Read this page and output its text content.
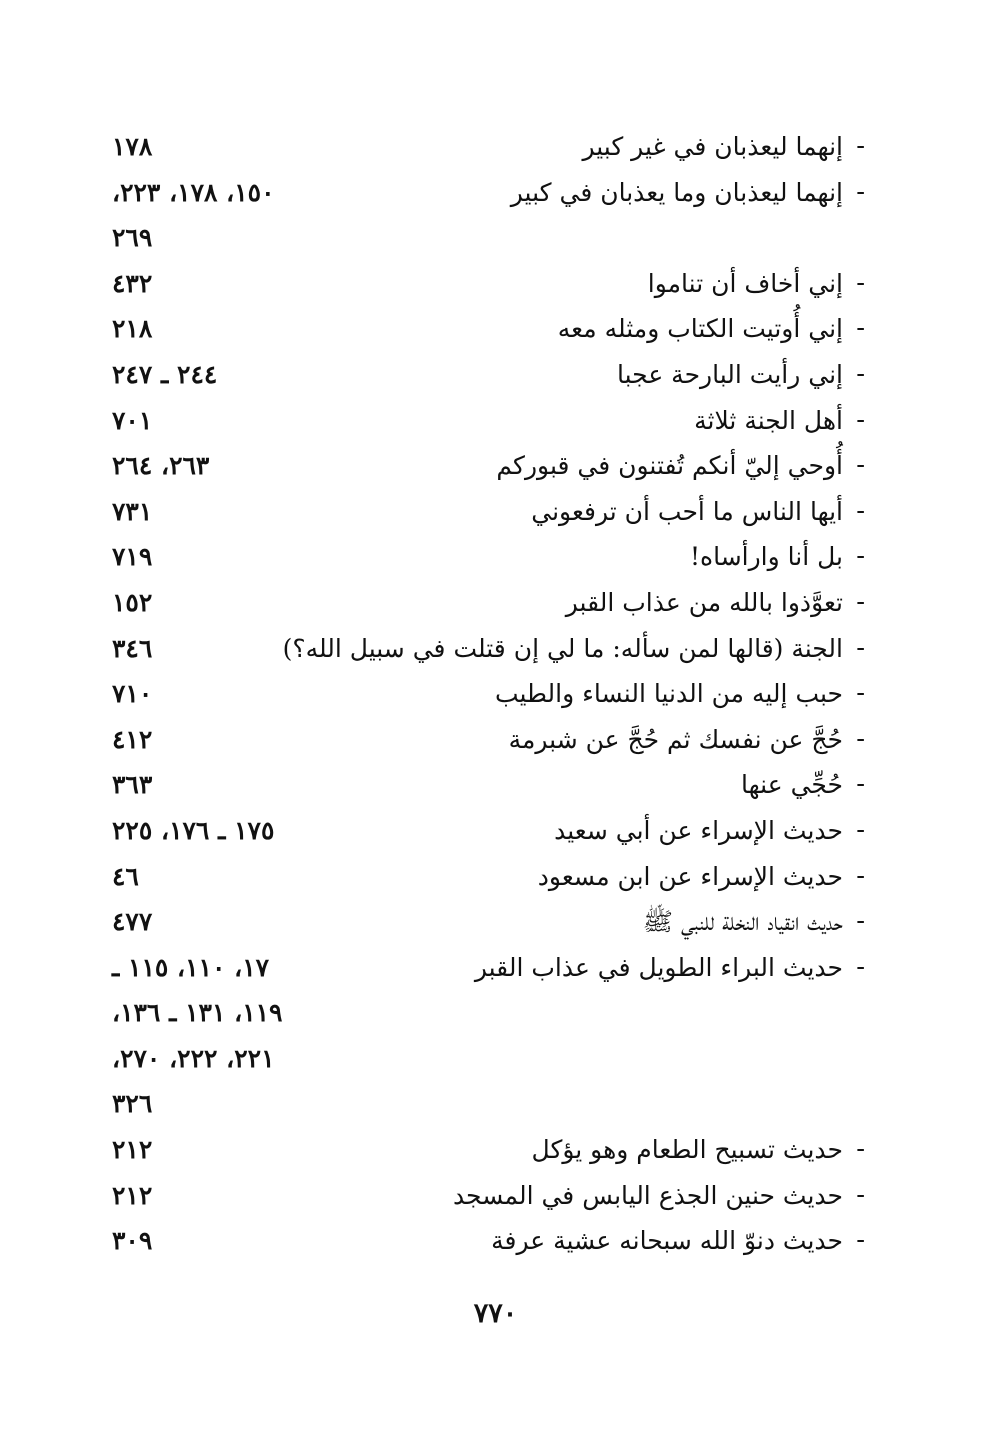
-
إنهما ليعذبان في غير كبير
١٧٨
-
إنهما ليعذبان وما يعذبان في كبير
١٥٠، ١٧٨، ٢٢٣،
٢٦٩
-
إني أخاف أن تناموا
٤٣٢
-
إني أُوتيت الكتاب ومثله معه
٢١٨
-
إني رأيت البارحة عجبا
٢٤٤ ـ ٢٤٧
-
أهل الجنة ثلاثة
٧٠١
-
أُوحي إليّ أنكم تُفتنون في قبوركم
٢٦٣، ٢٦٤
-
أيها الناس ما أحب أن ترفعوني
٧٣١
-
بل أنا وارأساه!
٧١٩
-
تعوَّذوا بالله من عذاب القبر
١٥٢
-
الجنة (قالها لمن سأله: ما لي إن قتلت في سبيل الله؟)
٣٤٦
-
حبب إليه من الدنيا النساء والطيب
٧١٠
-
حُجَّ عن نفسك ثم حُجَّ عن شبرمة
٤١٢
-
حُجِّي عنها
٣٦٣
-
حديث الإسراء عن أبي سعيد
١٧٥ ـ ١٧٦، ٢٢٥
-
حديث الإسراء عن ابن مسعود
٤٦
-
حديث انقياد النخلة للنبي ﷺ
٤٧٧
-
حديث البراء الطويل في عذاب القبر
١٧، ١١٠، ١١٥ ـ
١١٩، ١٣١ ـ ١٣٦،
٢٢١، ٢٢٢، ٢٧٠،
٣٢٦
-
حديث تسبيح الطعام وهو يؤكل
٢١٢
-
حديث حنين الجذع اليابس في المسجد
٢١٢
-
حديث دنوّ الله سبحانه عشية عرفة
٣٠٩
٧٧٠
